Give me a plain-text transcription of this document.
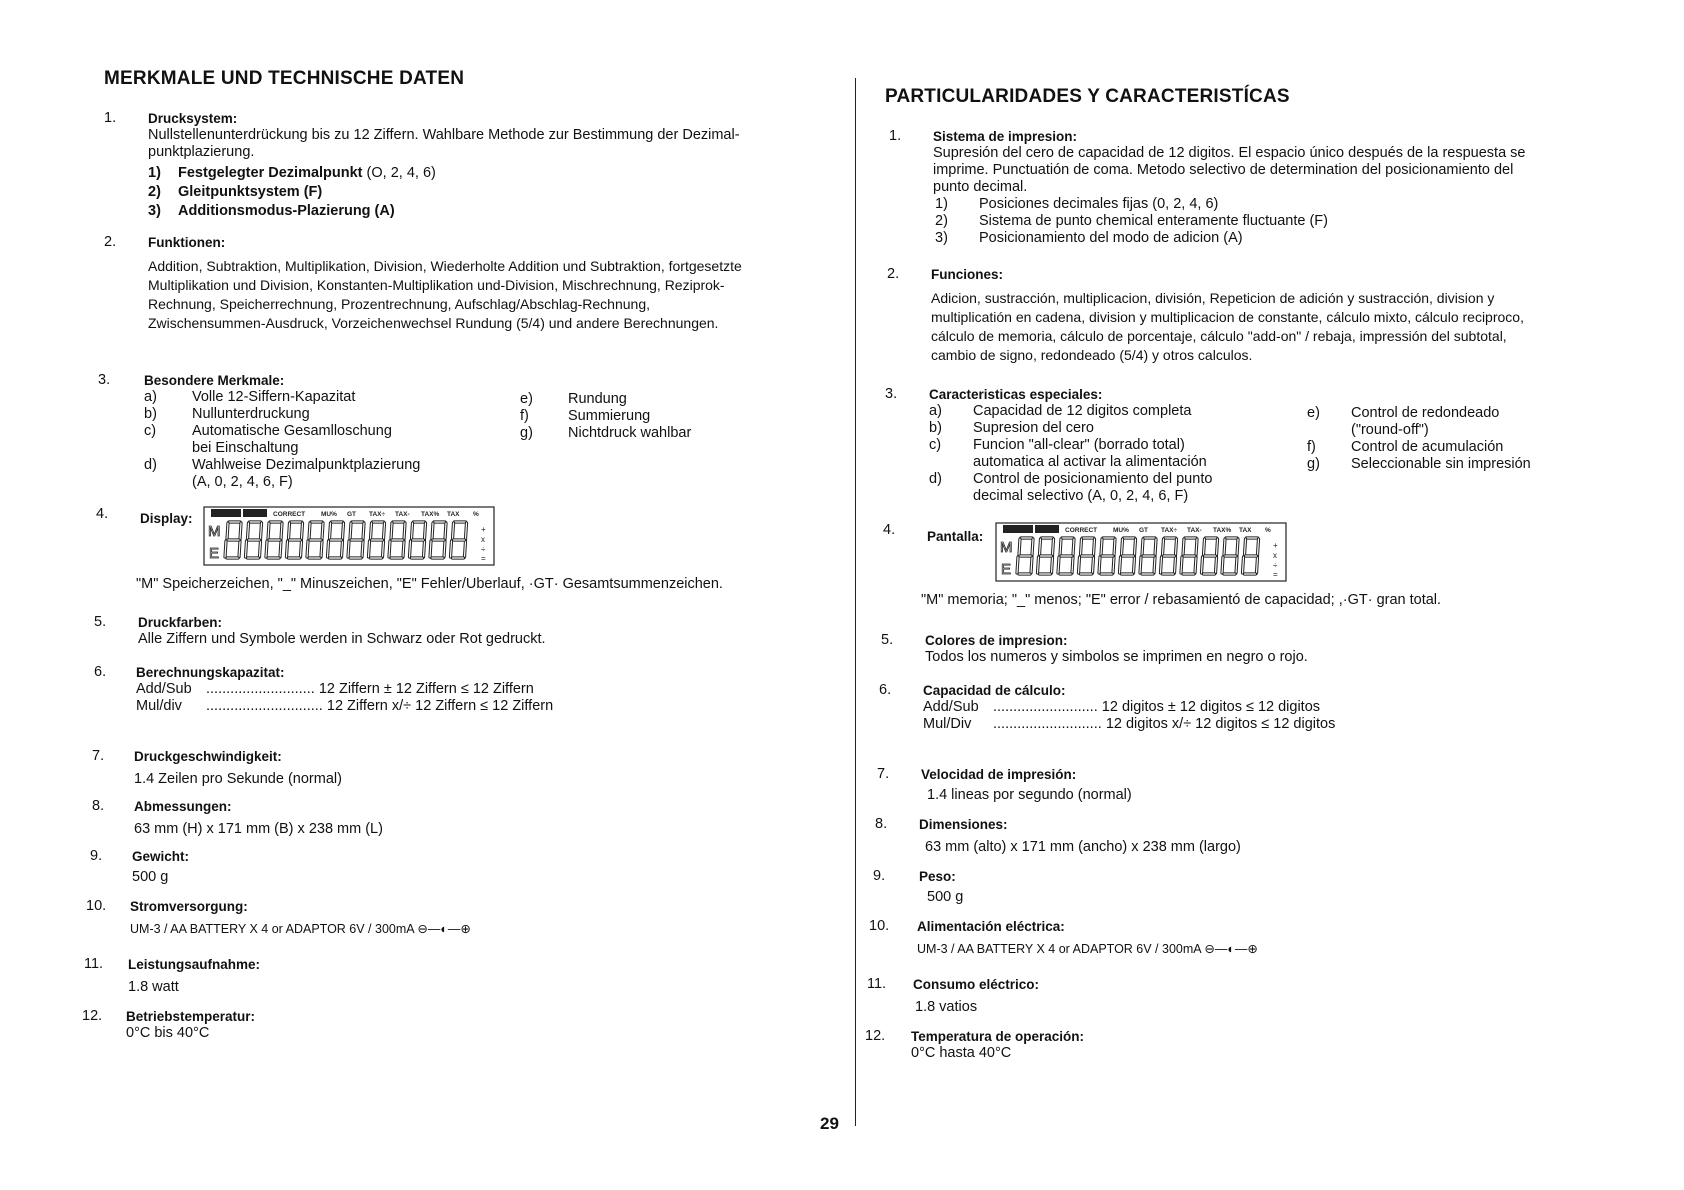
MERKMALE UND TECHNISCHE DATEN
1. Drucksystem:
Nullstellenunterdrückung bis zu 12 Ziffern. Wahlbare Methode zur Bestimmung der Dezimal-
punktplazierung.
1) Festgelegter Dezimalpunkt (O, 2, 4, 6)
2) Gleitpunktsystem (F)
3) Additionsmodus-Plazierung (A)
2. Funktionen:
Addition, Subtraktion, Multiplikation, Division, Wiederholte Addition und Subtraktion, fortgesetzte
Multiplikation und Division, Konstanten-Multiplikation und-Division, Mischrechnung, Reziprok-
Rechnung, Speicherrechnung, Prozentrechnung, Aufschlag/Abschlag-Rechnung,
Zwischensummen-Ausdruck, Vorzeichenwechsel Rundung (5/4) und andere Berechnungen.
3.	Besondere Merkmale:
a)	Volle 12-Siffern-Kapazitat
b)	Nullunterdruckung
c)	Automatische Gesamlloschung
bei Einschaltung
d)	Wahlweise Dezimalpunktplazierung
(A, 0, 2, 4, 6, F)
e)	Rundung
f)	Summierung
g)	Nichtdruck wahlbar
4. Display:	CORRECT MU% GT TAX÷ TAX- TAX% TAX %
M
E
+
x
÷
=
"M" Speicherzeichen, "_" Minuszeichen, "E" Fehler/Uberlauf, ·GT· Gesamtsummenzeichen.
5. Druckfarben:
Alle Ziffern und Symbole werden in Schwarz oder Rot gedruckt.
6. Berechnungskapazitat:
Add/Sub ........................... 12 Ziffern ± 12 Ziffern ≤ 12 Ziffern
Mul/div ............................. 12 Ziffern x/÷ 12 Ziffern ≤ 12 Ziffern
7. Druckgeschwindigkeit:
1.4 Zeilen pro Sekunde (normal)
8. Abmessungen:
63 mm (H) x 171 mm (B) x 238 mm (L)
9. Gewicht:
500 g
10. Stromversorgung:
UM-3 / AA BATTERY X 4 or ADAPTOR 6V / 300mA ⊖—◐—⊕
11. Leistungsaufnahme:
1.8 watt
12. Betriebstemperatur:
0°C bis 40°C
PARTICULARIDADES Y CARACTERISTÍCAS
1. Sistema de impresion:
Supresión del cero de capacidad de 12 digitos. El espacio único después de la respuesta se
imprime. Punctuatión de coma. Metodo selectivo de determination del posicionamiento del
punto decimal.
1)	Posiciones decimales fijas (0, 2, 4, 6)
2)	Sistema de punto chemical enteramente fluctuante (F)
3)	Posicionamiento del modo de adicion (A)
2. Funciones:
Adicion, sustracción, multiplicacion, división, Repeticion de adición y sustracción, division y
multiplicatión en cadena, division y multiplicacion de constante, cálculo mixto, cálculo reciproco,
cálculo de memoria, cálculo de porcentaje, cálculo "add-on" / rebaja, impressión del subtotal,
cambio de signo, redondeado (5/4) y otros calculos.
3. Caracteristicas especiales:
a)	Capacidad de 12 digitos completa
b)	Supresion del cero
c)	Funcion "all-clear" (borrado total)
automatica al activar la alimentación
d)	Control de posicionamiento del punto
decimal selectivo (A, 0, 2, 4, 6, F)
e)	Control de redondeado
("round-off")
f)	Control de acumulación
g)	Seleccionable sin impresión
4. Pantalla:	CORRECT MU% GT TAX÷ TAX- TAX% TAX %
M
E
+
x
÷
=
"M" memoria; "_" menos; "E" error / rebasamientó de capacidad; ,·GT· gran total.
5. Colores de impresion:
Todos los numeros y simbolos se imprimen en negro o rojo.
6. Capacidad de cálculo:
Add/Sub .......................... 12 digitos ± 12 digitos ≤ 12 digitos
Mul/Div ........................... 12 digitos x/÷ 12 digitos ≤ 12 digitos
7. Velocidad de impresión:
1.4 lineas por segundo (normal)
8. Dimensiones:
63 mm (alto) x 171 mm (ancho) x 238 mm (largo)
9.	Peso:
500 g
10. Alimentación eléctrica:
UM-3 / AA BATTERY X 4 or ADAPTOR 6V / 300mA ⊖—◐—⊕
11. Consumo eléctrico:
1.8 vatios
12. Temperatura de operación:
0°C hasta 40°C
29
